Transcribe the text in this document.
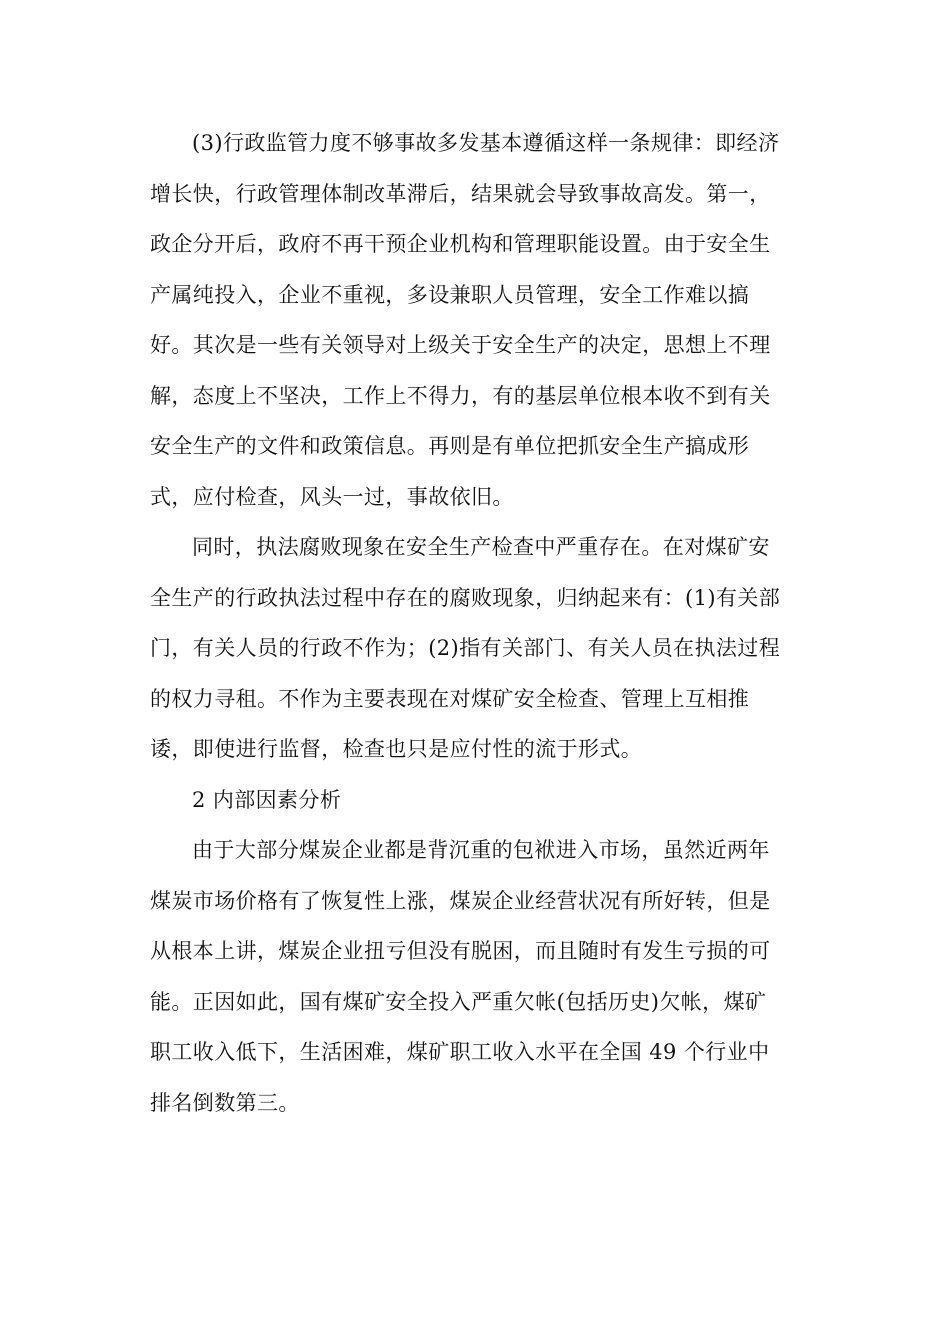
(3)行政监管力度不够事故多发基本遵循这样一条规律：即经济
增长快，行政管理体制改革滞后，结果就会导致事故高发。第一，
政企分开后，政府不再干预企业机构和管理职能设置。由于安全生
产属纯投入，企业不重视，多设兼职人员管理，安全工作难以搞
好。其次是一些有关领导对上级关于安全生产的决定，思想上不理
解，态度上不坚决，工作上不得力，有的基层单位根本收不到有关
安全生产的文件和政策信息。再则是有单位把抓安全生产搞成形
式，应付检查，风头一过，事故依旧。
同时，执法腐败现象在安全生产检查中严重存在。在对煤矿安
全生产的行政执法过程中存在的腐败现象，归纳起来有：(1)有关部
门，有关人员的行政不作为；(2)指有关部门、有关人员在执法过程
的权力寻租。不作为主要表现在对煤矿安全检查、管理上互相推
诿，即使进行监督，检查也只是应付性的流于形式。
2 内部因素分析
由于大部分煤炭企业都是背沉重的包袱进入市场，虽然近两年
煤炭市场价格有了恢复性上涨，煤炭企业经营状况有所好转，但是
从根本上讲，煤炭企业扭亏但没有脱困，而且随时有发生亏损的可
能。正因如此，国有煤矿安全投入严重欠帐(包括历史)欠帐，煤矿
职工收入低下，生活困难，煤矿职工收入水平在全国 49 个行业中
排名倒数第三。
